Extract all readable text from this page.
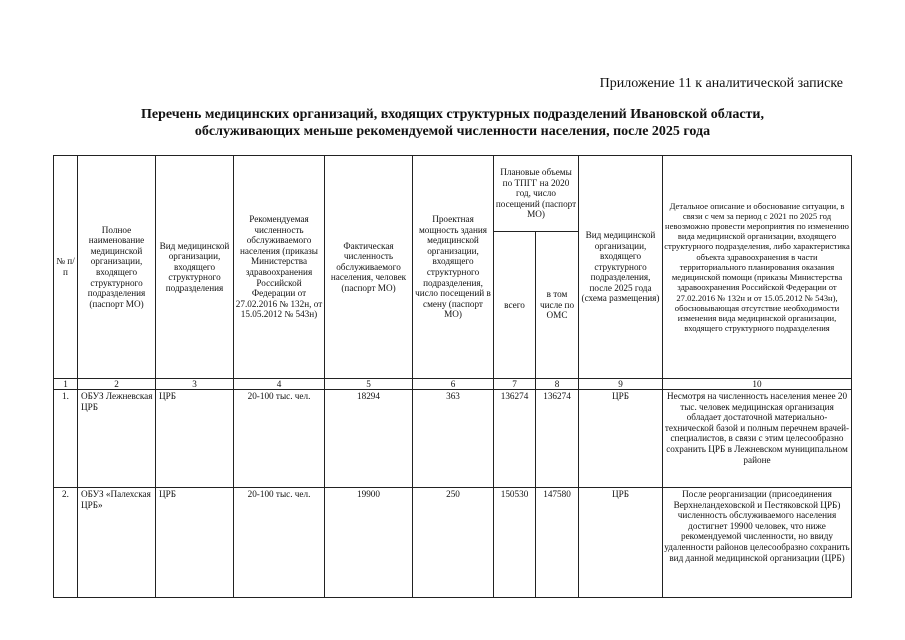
Приложение 11 к аналитической записке
Перечень медицинских организаций, входящих структурных подразделений Ивановской области,
обслуживающих меньше рекомендуемой численности населения, после 2025 года
№ п/п	Полное наименование медицинской организации, входящего структурного подразделения (паспорт МО)	Вид медицинской организации, входящего структурного подразделения	Рекомендуемая численность обслуживаемого населения (приказы Министерства здравоохранения Российской Федерации от 27.02.2016 № 132н, от 15.05.2012 № 543н)	Фактическая численность обслуживаемого населения, человек (паспорт МО)	Проектная мощность здания медицинской организации, входящего структурного подразделения, число посещений в смену (паспорт МО)	Плановые объемы по ТПГГ на 2020 год, число посещений (паспорт МО)		Вид медицинской организации, входящего структурного подразделения, после 2025 года (схема размещения)	Детальное описание и обоснование ситуации, в связи с чем за период с 2021 по 2025 год невозможно провести мероприятия по изменению вида медицинской организации, входящего структурного подразделения, либо характеристика объекта здравоохранения в части территориального планирования оказания медицинской помощи (приказы Министерства здравоохранения Российской Федерации от 27.02.2016 № 132н и от 15.05.2012 № 543н), обосновывающая отсутствие необходимости изменения вида медицинской организации, входящего структурного подразделения
						всего	в том числе по ОМС		
1	2	3	4	5	6	7	8	9	10
1.	ОБУЗ Лежневская ЦРБ	ЦРБ	20-100 тыс. чел.	18294	363	136274	136274	ЦРБ	Несмотря на численность населения менее 20 тыс. человек медицинская организация обладает достаточной материально-технической базой и полным перечнем врачей-специалистов, в связи с этим целесообразно сохранить ЦРБ в Лежневском муниципальном районе
2.	ОБУЗ «Палехская ЦРБ»	ЦРБ	20-100 тыс. чел.	19900	250	150530	147580	ЦРБ	После реорганизации (присоединения Верхнеландеховской и Пестяковской ЦРБ) численность обслуживаемого населения достигнет 19900 человек, что ниже рекомендуемой численности, но ввиду удаленности районов целесообразно сохранить вид данной медицинской организации (ЦРБ)
